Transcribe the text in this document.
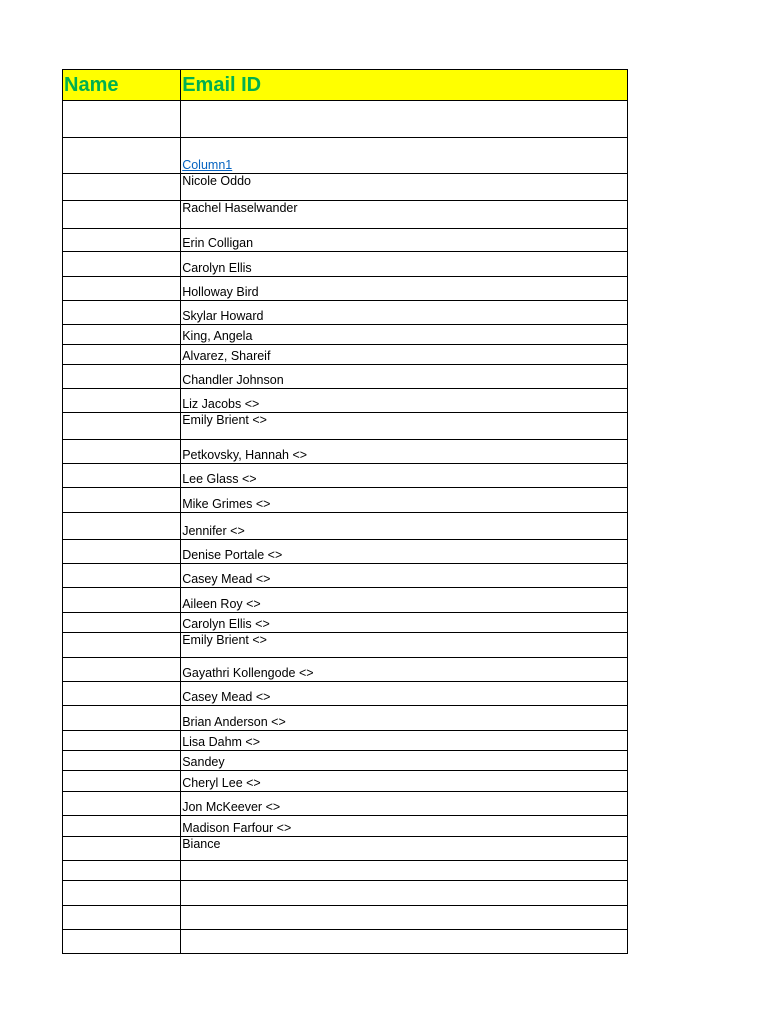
Name	Email ID

	Column1
	Nicole Oddo
	Rachel Haselwander
	Erin Colligan
	Carolyn Ellis
	Holloway Bird
	Skylar Howard
	King, Angela
	Alvarez, Shareif
	Chandler Johnson
	Liz Jacobs <>
	Emily Brient <>
	Petkovsky, Hannah <>
	Lee Glass <>
	Mike Grimes <>
	Jennifer <>
	Denise Portale <>
	Casey Mead <>
	Aileen Roy <>
	Carolyn Ellis <>
	Emily Brient <>
	Gayathri Kollengode <>
	Casey Mead <>
	Brian Anderson <>
	Lisa Dahm <>
	Sandey
	Cheryl Lee <>
	Jon McKeever <>
	Madison Farfour <>
	Biance
